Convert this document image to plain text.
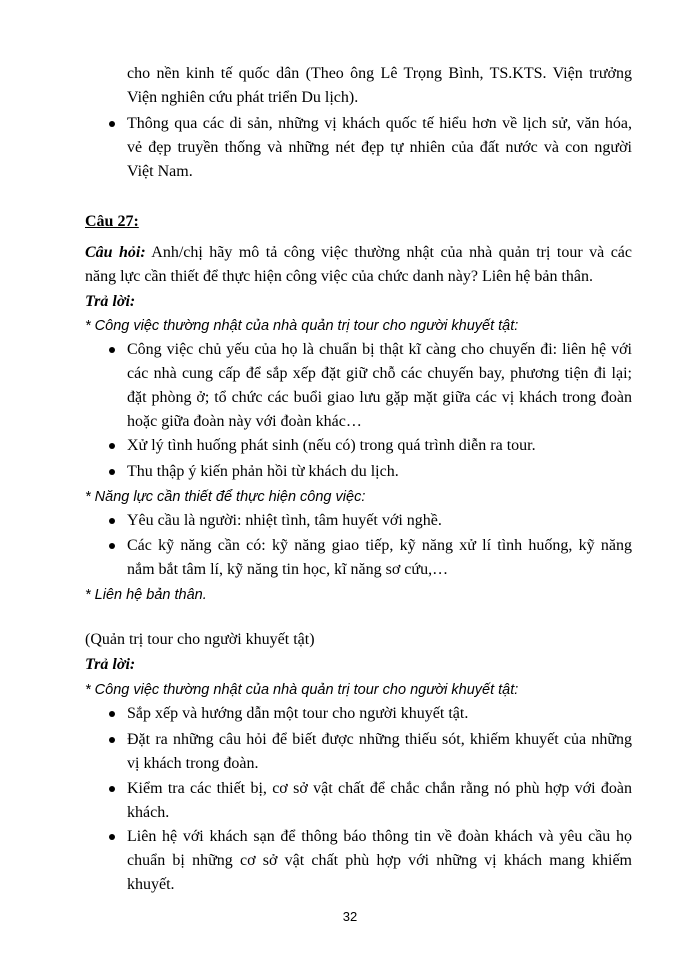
cho nền kinh tế quốc dân (Theo ông Lê Trọng Bình, TS.KTS. Viện trưởng
Viện nghiên cứu phát triển Du lịch).
Thông qua các di sản, những vị khách quốc tế hiểu hơn về lịch sử, văn hóa,
vẻ đẹp truyền thống và những nét đẹp tự nhiên của đất nước và con người
Việt Nam.
Câu 27:
Câu hỏi: Anh/chị hãy mô tả công việc thường nhật của nhà quản trị tour và các
năng lực cần thiết để thực hiện công việc của chức danh này? Liên hệ bản thân.
Trả lời:
* Công việc thường nhật của nhà quản trị tour cho người khuyết tật:
Công việc chủ yếu của họ là chuẩn bị thật kĩ càng cho chuyến đi: liên hệ với
các nhà cung cấp để sắp xếp đặt giữ chỗ các chuyến bay, phương tiện đi lại;
đặt phòng ở; tổ chức các buổi giao lưu gặp mặt giữa các vị khách trong đoàn
hoặc giữa đoàn này với đoàn khác…
Xử lý tình huống phát sinh (nếu có) trong quá trình diễn ra tour.
Thu thập ý kiến phản hồi từ khách du lịch.
* Năng lực cần thiết để thực hiện công việc:
Yêu cầu là người: nhiệt tình, tâm huyết với nghề.
Các kỹ năng cần có: kỹ năng giao tiếp, kỹ năng xử lí tình huống, kỹ năng
nắm bắt tâm lí, kỹ năng tin học, kĩ năng sơ cứu,…
* Liên hệ bản thân.
(Quản trị tour cho người khuyết tật)
Trả lời:
* Công việc thường nhật của nhà quản trị tour cho người khuyết tật:
Sắp xếp và hướng dẫn một tour cho người khuyết tật.
Đặt ra những câu hỏi để biết được những thiếu sót, khiếm khuyết của những
vị khách trong đoàn.
Kiểm tra các thiết bị, cơ sở vật chất để chắc chắn rằng nó phù hợp với đoàn
khách.
Liên hệ với khách sạn để thông báo thông tin về đoàn khách và yêu cầu họ
chuẩn bị những cơ sở vật chất phù hợp với những vị khách mang khiếm
khuyết.
32
